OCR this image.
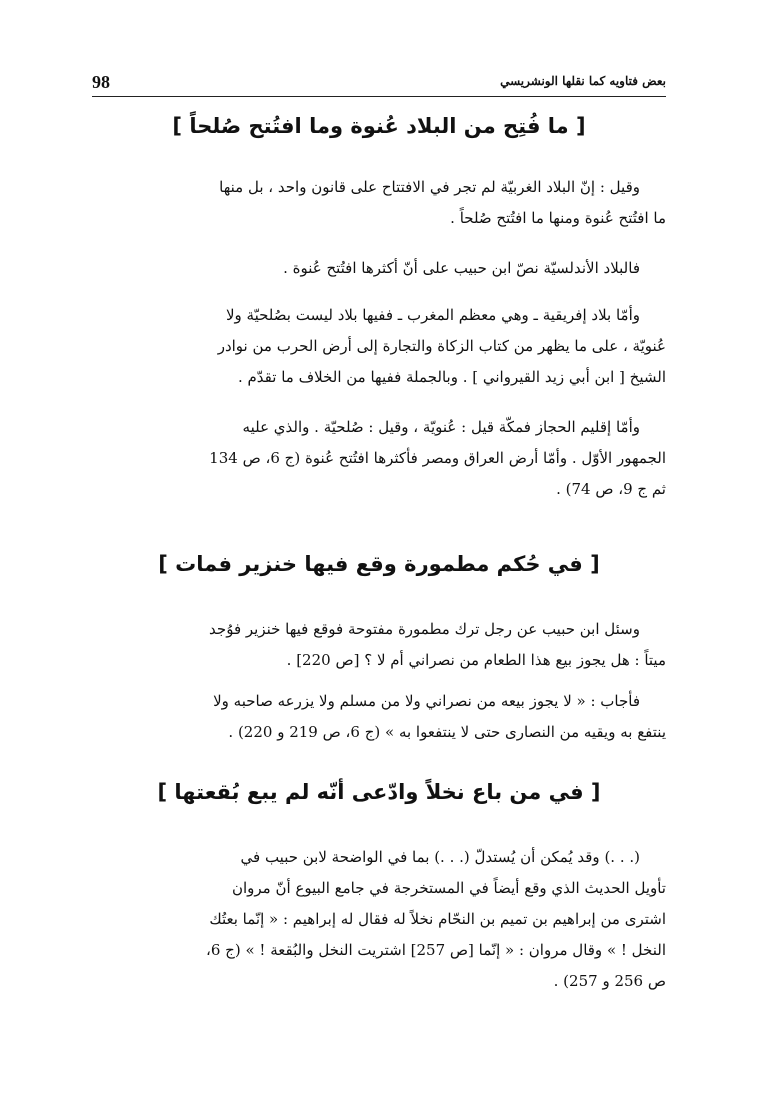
98	بعض فتاويه كما نقلها الونشريسي
[ ما فُتِح من البلاد عُنوة وما افتُتح صُلحاً ]
وقيل : إنّ البلاد الغربيّة لم تجر في الافتتاح على قانون واحد ، بل منها
ما افتُتح عُنوة ومنها ما افتُتح صُلحاً .
فالبلاد الأندلسيّة نصّ ابن حبيب على أنّ أكثرها افتُتح عُنوة .
وأمّا بلاد إفريقية ـ وهي معظم المغرب ـ ففيها بلاد ليست بصُلحيّة ولا
عُنويّة ، على ما يظهر من كتاب الزكاة والتجارة إلى أرض الحرب من نوادر
الشيخ [ ابن أبي زيد القيرواني ] . وبالجملة ففيها من الخلاف ما تقدّم .
وأمّا إقليم الحجاز فمكّة قيل : عُنويّة ، وقيل : صُلحيّة . والذي عليه
الجمهور الأوّل . وأمّا أرض العراق ومصر فأكثرها افتُتح عُنوة (ج 6، ص 134
ثم ج 9، ص 74) .
[ في حُكم مطمورة وقع فيها خنزير فمات ]
وسئل ابن حبيب عن رجل ترك مطمورة مفتوحة فوقع فيها خنزير فوُجد
ميتاً : هل يجوز بيع هذا الطعام من نصراني أم لا ؟ [ص 220] .
فأجاب : « لا يجوز بيعه من نصراني ولا من مسلم ولا يزرعه صاحبه ولا
ينتفع به ويقيه من النصارى حتى لا ينتفعوا به » (ج 6، ص 219 و 220) .
[ في من باع نخلاً وادّعى أنّه لم يبع بُقعتها ]
(. . .) وقد يُمكن أن يُستدلّ (. . .) بما في الواضحة لابن حبيب في
تأويل الحديث الذي وقع أيضاً في المستخرجة في جامع البيوع أنّ مروان
اشترى من إبراهيم بن تميم بن النحّام نخلاً له فقال له إبراهيم : « إنّما بعتُك
النخل ! » وقال مروان : « إنّما [ص 257] اشتريت النخل والبُقعة ! » (ج 6،
ص 256 و 257) .
